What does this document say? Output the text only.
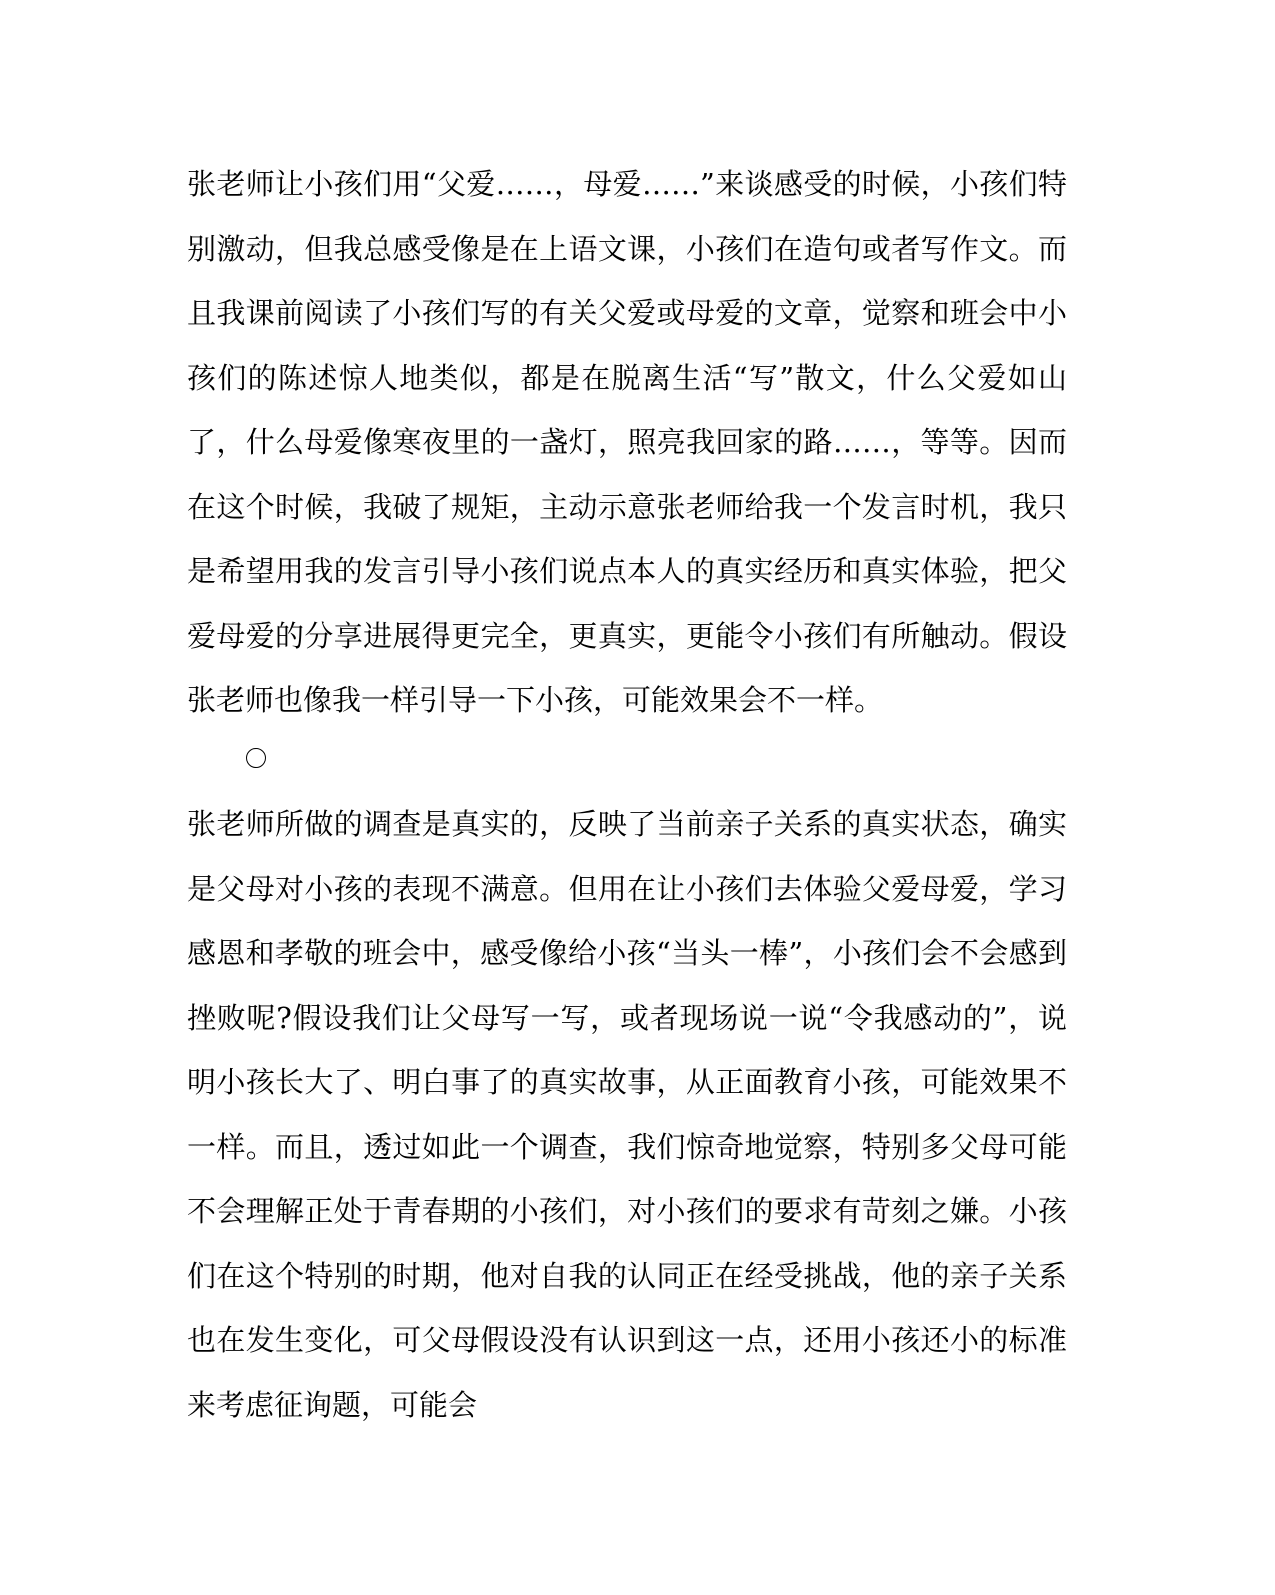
张老师让小孩们用“父爱……，母爱……”来谈感受的时候，小孩们特别激动，但我总感受像是在上语文课，小孩们在造句或者写作文。而且我课前阅读了小孩们写的有关父爱或母爱的文章，觉察和班会中小孩们的陈述惊人地类似，都是在脱离生活“写”散文，什么父爱如山了，什么母爱像寒夜里的一盏灯，照亮我回家的路……，等等。因而在这个时候，我破了规矩，主动示意张老师给我一个发言时机，我只是希望用我的发言引导小孩们说点本人的真实经历和真实体验，把父爱母爱的分享进展得更完全，更真实，更能令小孩们有所触动。假设张老师也像我一样引导一下小孩，可能效果会不一样。

张老师所做的调查是真实的，反映了当前亲子关系的真实状态，确实是父母对小孩的表现不满意。但用在让小孩们去体验父爱母爱，学习感恩和孝敬的班会中，感受像给小孩“当头一棒”，小孩们会不会感到挫败呢?假设我们让父母写一写，或者现场说一说“令我感动的”，说明小孩长大了、明白事了的真实故事，从正面教育小孩，可能效果不一样。而且，透过如此一个调查，我们惊奇地觉察，特别多父母可能不会理解正处于青春期的小孩们，对小孩们的要求有苛刻之嫌。小孩们在这个特别的时期，他对自我的认同正在经受挑战，他的亲子关系也在发生变化，可父母假设没有认识到这一点，还用小孩还小的标准来考虑征询题，可能会
